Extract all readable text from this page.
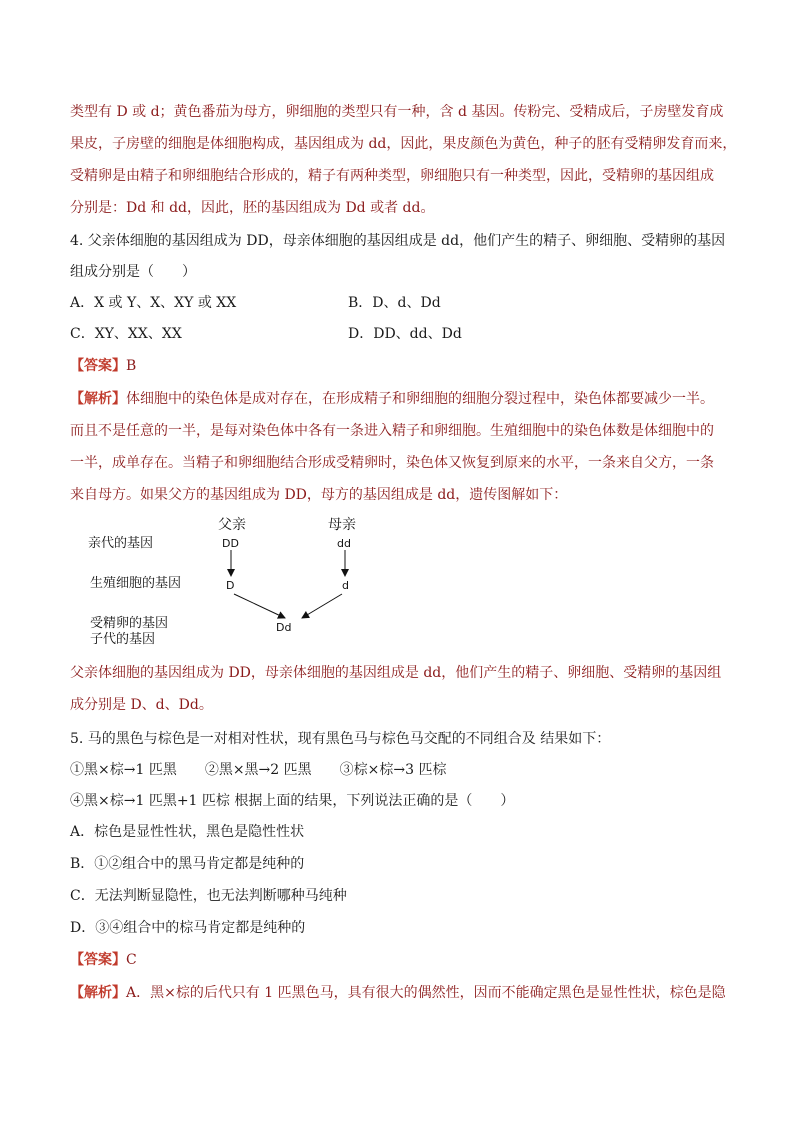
类型有 D 或 d；黄色番茄为母方，卵细胞的类型只有一种，含 d 基因。传粉完、受精成后，子房壁发育成
果皮，子房壁的细胞是体细胞构成，基因组成为 dd，因此，果皮颜色为黄色，种子的胚有受精卵发育而来，
受精卵是由精子和卵细胞结合形成的，精子有两种类型，卵细胞只有一种类型，因此，受精卵的基因组成
分别是：Dd 和 dd，因此，胚的基因组成为 Dd 或者 dd。
4. 父亲体细胞的基因组成为 DD，母亲体细胞的基因组成是 dd，他们产生的精子、卵细胞、受精卵的基因
组成分别是（　　）
A．X 或 Y、X、XY 或 XX	B．D、d、Dd
C．XY、XX、XX	D．DD、dd、Dd
【答案】B
【解析】体细胞中的染色体是成对存在，在形成精子和卵细胞的细胞分裂过程中，染色体都要减少一半。
而且不是任意的一半，是每对染色体中各有一条进入精子和卵细胞。生殖细胞中的染色体数是体细胞中的
一半，成单存在。当精子和卵细胞结合形成受精卵时，染色体又恢复到原来的水平，一条来自父方，一条
来自母方。如果父方的基因组成为 DD，母方的基因组成是 dd，遗传图解如下：
父亲	母亲
亲代的基因	DD	dd
生殖细胞的基因	D	d
受精卵的基因
子代的基因
Dd
父亲体细胞的基因组成为 DD，母亲体细胞的基因组成是 dd，他们产生的精子、卵细胞、受精卵的基因组
成分别是 D、d、Dd。
5. 马的黑色与棕色是一对相对性状，现有黑色马与棕色马交配的不同组合及 结果如下：
①黑×棕→1 匹黑　　②黑×黑→2 匹黑　　③棕×棕→3 匹棕
④黑×棕→1 匹黑+1 匹棕 根据上面的结果，下列说法正确的是（　　）
A．棕色是显性性状，黑色是隐性性状
B．①②组合中的黑马肯定都是纯种的
C．无法判断显隐性，也无法判断哪种马纯种
D．③④组合中的棕马肯定都是纯种的
【答案】C
【解析】A．黑×棕的后代只有 1 匹黑色马，具有很大的偶然性，因而不能确定黑色是显性性状，棕色是隐
